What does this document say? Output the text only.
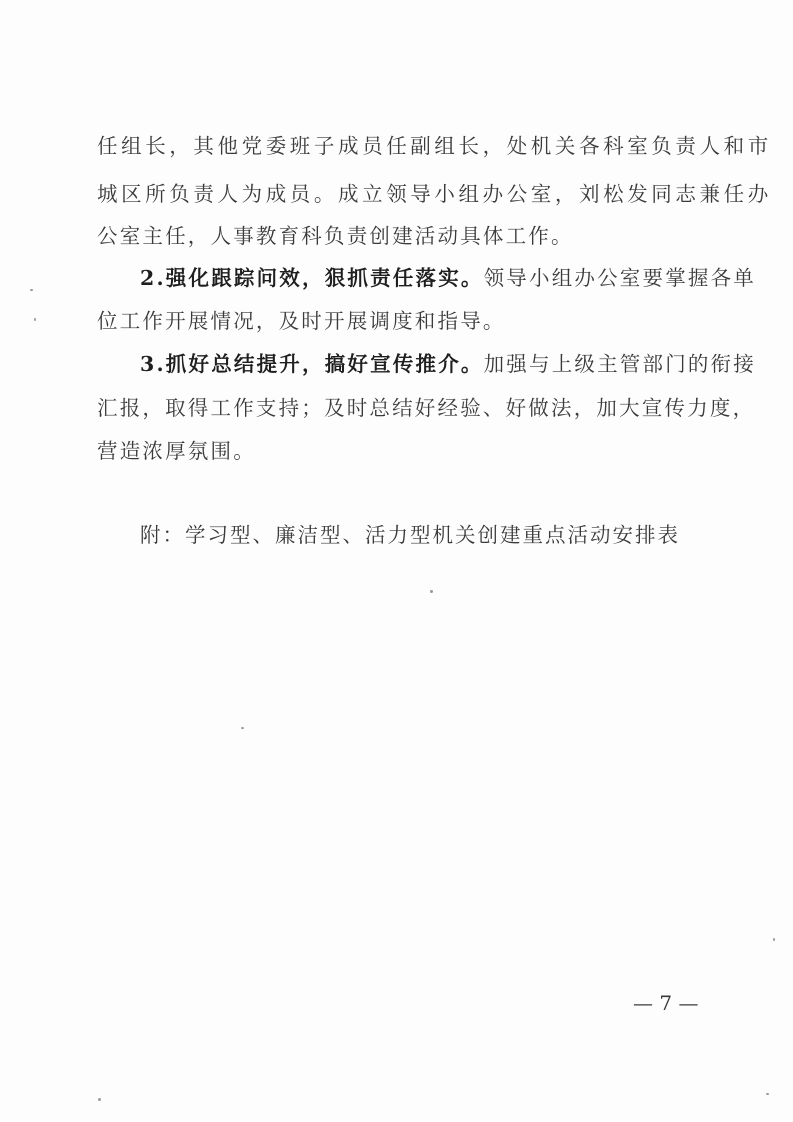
任组长，其他党委班子成员任副组长，处机关各科室负责人和市
城区所负责人为成员。成立领导小组办公室，刘松发同志兼任办
公室主任，人事教育科负责创建活动具体工作。
2.强化跟踪问效，狠抓责任落实。领导小组办公室要掌握各单
位工作开展情况，及时开展调度和指导。
3.抓好总结提升，搞好宣传推介。加强与上级主管部门的衔接
汇报，取得工作支持；及时总结好经验、好做法，加大宣传力度，
营造浓厚氛围。
附：学习型、廉洁型、活力型机关创建重点活动安排表
— 7 —
